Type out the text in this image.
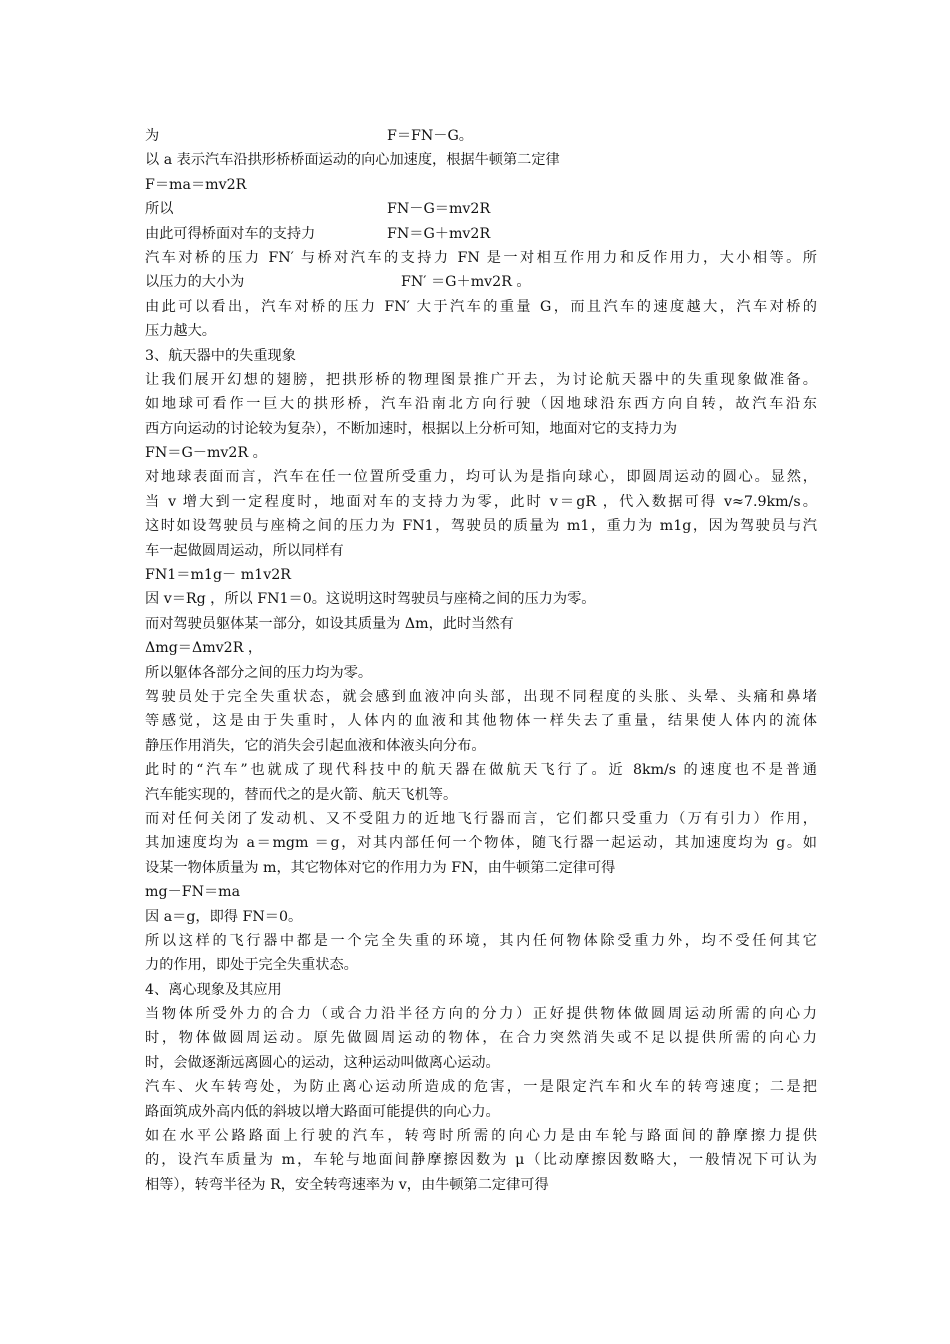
为	F＝FN－G。
以 a 表示汽车沿拱形桥桥面运动的向心加速度，根据牛顿第二定律
F＝ma＝mv2R
所以	FN－G＝mv2R
由此可得桥面对车的支持力	FN＝G＋mv2R
汽车对桥的压力 FN′ 与桥对汽车的支持力 FN 是一对相互作用力和反作用力，大小相等。所
以压力的大小为	FN′ ＝G＋mv2R 。
由此可以看出，汽车对桥的压力 FN′ 大于汽车的重量 G，而且汽车的速度越大，汽车对桥的
压力越大。
3、航天器中的失重现象
让我们展开幻想的翅膀，把拱形桥的物理图景推广开去，为讨论航天器中的失重现象做准备。
如地球可看作一巨大的拱形桥，汽车沿南北方向行驶（因地球沿东西方向自转，故汽车沿东
西方向运动的讨论较为复杂），不断加速时，根据以上分析可知，地面对它的支持力为
FN＝G－mv2R 。
对地球表面而言，汽车在任一位置所受重力，均可认为是指向球心，即圆周运动的圆心。显然，
当 v 增大到一定程度时，地面对车的支持力为零，此时 v＝gR ，代入数据可得 v≈7.9km/s。
这时如设驾驶员与座椅之间的压力为 FN1，驾驶员的质量为 m1，重力为 m1g，因为驾驶员与汽
车一起做圆周运动，所以同样有
FN1＝m1g－ m1v2R
因 v＝Rg ，所以 FN1＝0。这说明这时驾驶员与座椅之间的压力为零。
而对驾驶员躯体某一部分，如设其质量为 Δm，此时当然有
Δmg＝Δmv2R ，
所以躯体各部分之间的压力均为零。
驾驶员处于完全失重状态，就会感到血液冲向头部，出现不同程度的头胀、头晕、头痛和鼻堵
等感觉，这是由于失重时，人体内的血液和其他物体一样失去了重量，结果使人体内的流体
静压作用消失，它的消失会引起血液和体液头向分布。
此时的“汽车”也就成了现代科技中的航天器在做航天飞行了。近 8km/s 的速度也不是普通
汽车能实现的，替而代之的是火箭、航天飞机等。
而对任何关闭了发动机、又不受阻力的近地飞行器而言，它们都只受重力（万有引力）作用，
其加速度均为 a＝mgm ＝g，对其内部任何一个物体，随飞行器一起运动，其加速度均为 g。如
设某一物体质量为 m，其它物体对它的作用力为 FN，由牛顿第二定律可得
mg－FN＝ma
因 a＝g，即得 FN＝0。
所以这样的飞行器中都是一个完全失重的环境，其内任何物体除受重力外，均不受任何其它
力的作用，即处于完全失重状态。
4、离心现象及其应用
当物体所受外力的合力（或合力沿半径方向的分力）正好提供物体做圆周运动所需的向心力
时，物体做圆周运动。原先做圆周运动的物体，在合力突然消失或不足以提供所需的向心力
时，会做逐渐远离圆心的运动，这种运动叫做离心运动。
汽车、火车转弯处，为防止离心运动所造成的危害，一是限定汽车和火车的转弯速度；二是把
路面筑成外高内低的斜坡以增大路面可能提供的向心力。
如在水平公路路面上行驶的汽车，转弯时所需的向心力是由车轮与路面间的静摩擦力提供
的，设汽车质量为 m，车轮与地面间静摩擦因数为 μ（比动摩擦因数略大，一般情况下可认为
相等），转弯半径为 R，安全转弯速率为 v，由牛顿第二定律可得
